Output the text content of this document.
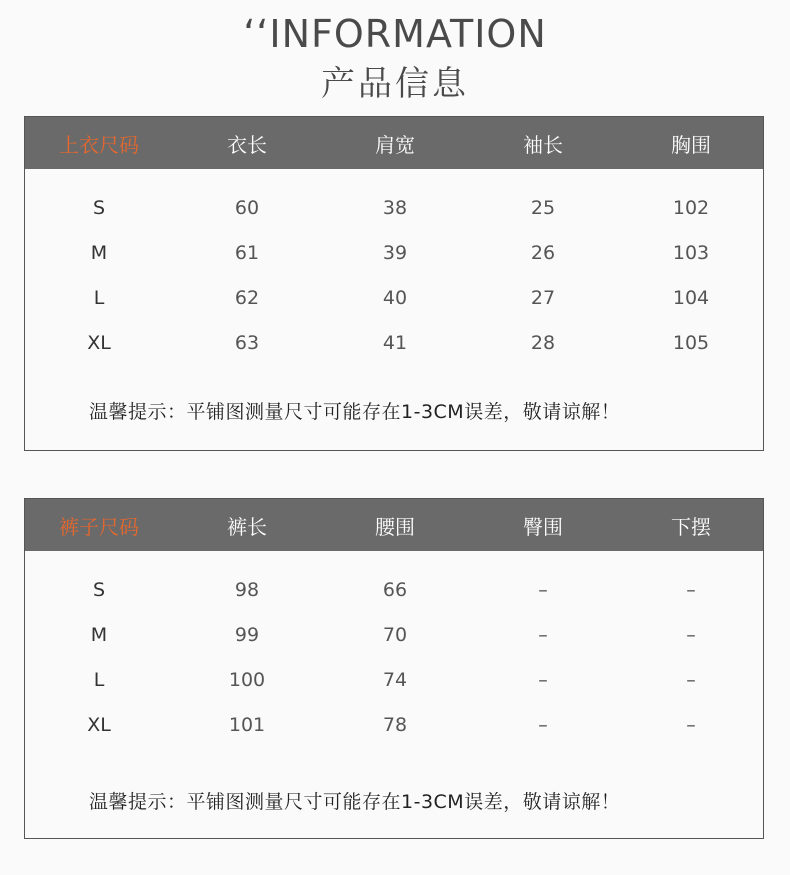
‘‘INFORMATION
产品信息
上衣尺码	衣长	肩宽	袖长	胸围
S	60	38	25	102
M	61	39	26	103
L	62	40	27	104
XL	63	41	28	105
温馨提示：平铺图测量尺寸可能存在1-3CM误差，敬请谅解！
裤子尺码	裤长	腰围	臀围	下摆
S	98	66	–	–
M	99	70	–	–
L	100	74	–	–
XL	101	78	–	–
温馨提示：平铺图测量尺寸可能存在1-3CM误差，敬请谅解！
